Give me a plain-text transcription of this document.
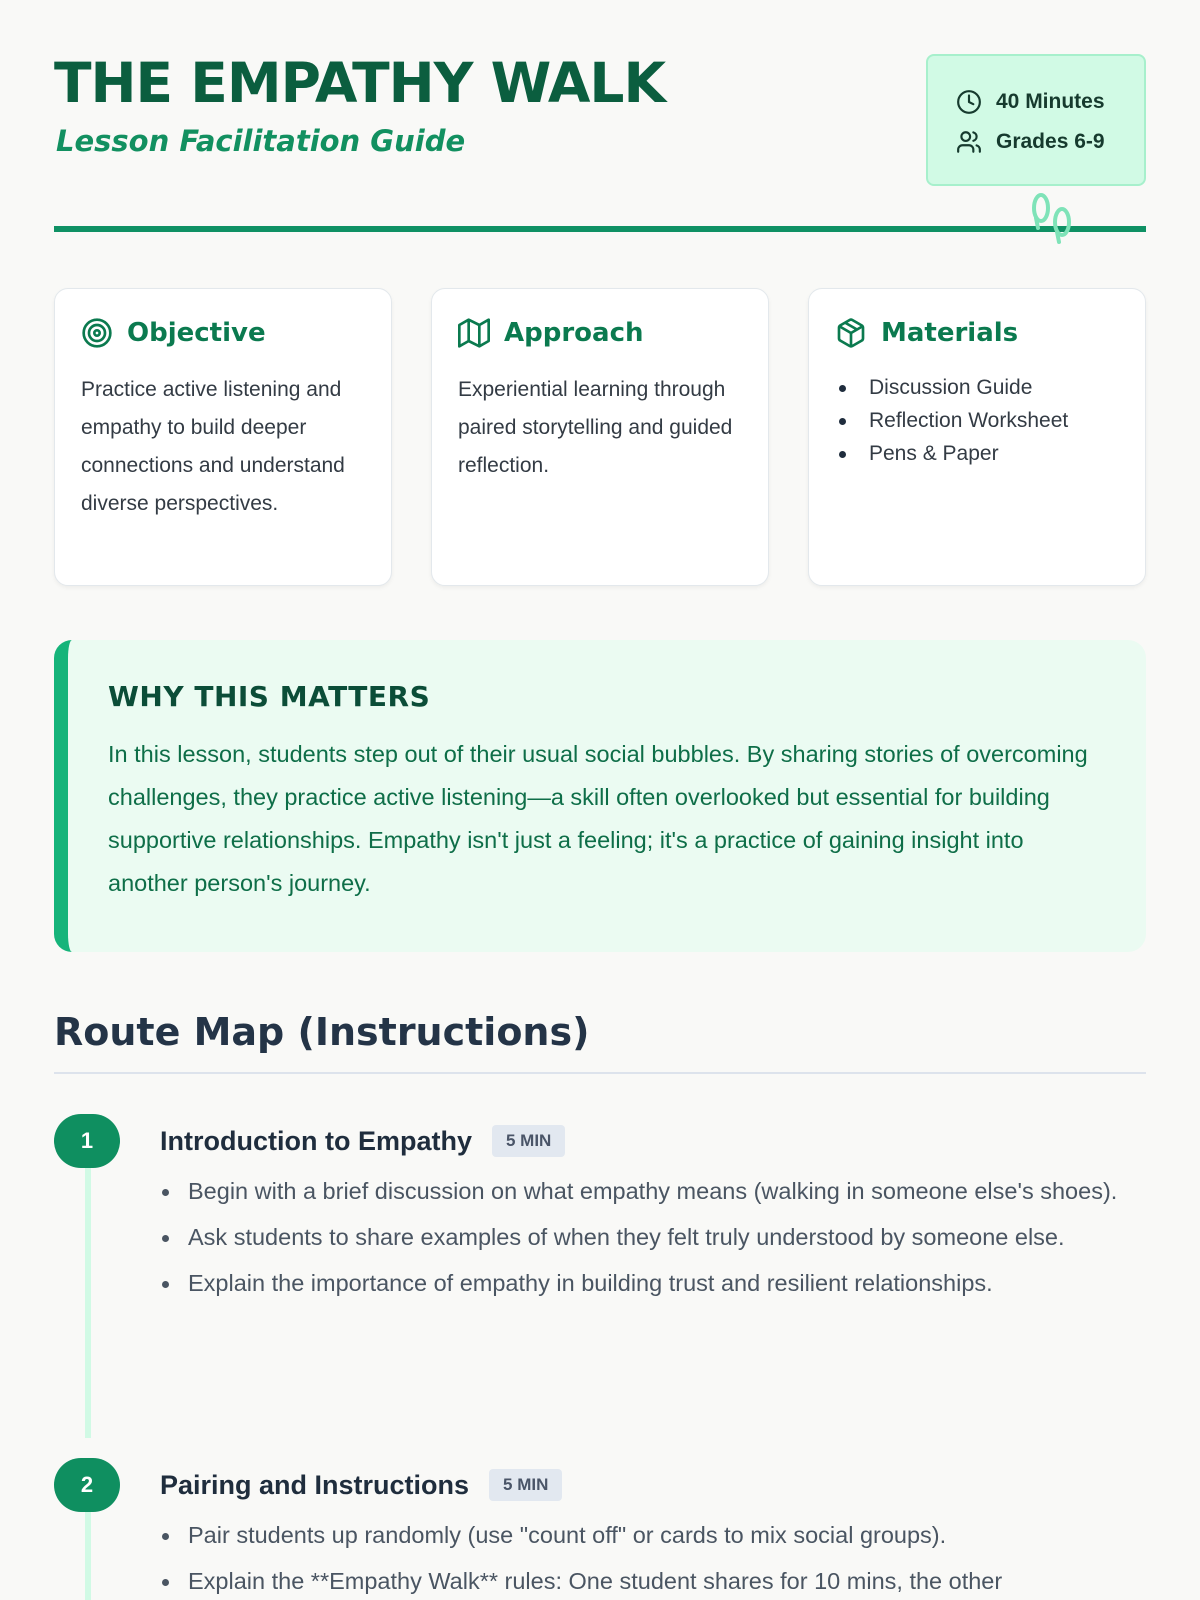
THE EMPATHY WALK
Lesson Facilitation Guide
40 Minutes
Grades 6-9
Objective

Practice active listening and empathy to build deeper connections and understand diverse perspectives.

Approach

Experiential learning through paired storytelling and guided reflection.

Materials
Discussion Guide
Reflection Worksheet
Pens & Paper
WHY THIS MATTERS

In this lesson, students step out of their usual social bubbles. By sharing stories of overcoming challenges, they practice active listening—a skill often overlooked but essential for building supportive relationships. Empathy isn't just a feeling; it's a practice of gaining insight into another person's journey.

Route Map (Instructions)
1	Introduction to Empathy	5 MIN
Begin with a brief discussion on what empathy means (walking in someone else's shoes).
Ask students to share examples of when they felt truly understood by someone else.
Explain the importance of empathy in building trust and resilient relationships.
2	Pairing and Instructions	5 MIN
Pair students up randomly (use "count off" or cards to mix social groups).
Explain the **Empathy Walk** rules: One student shares for 10 mins, the other
